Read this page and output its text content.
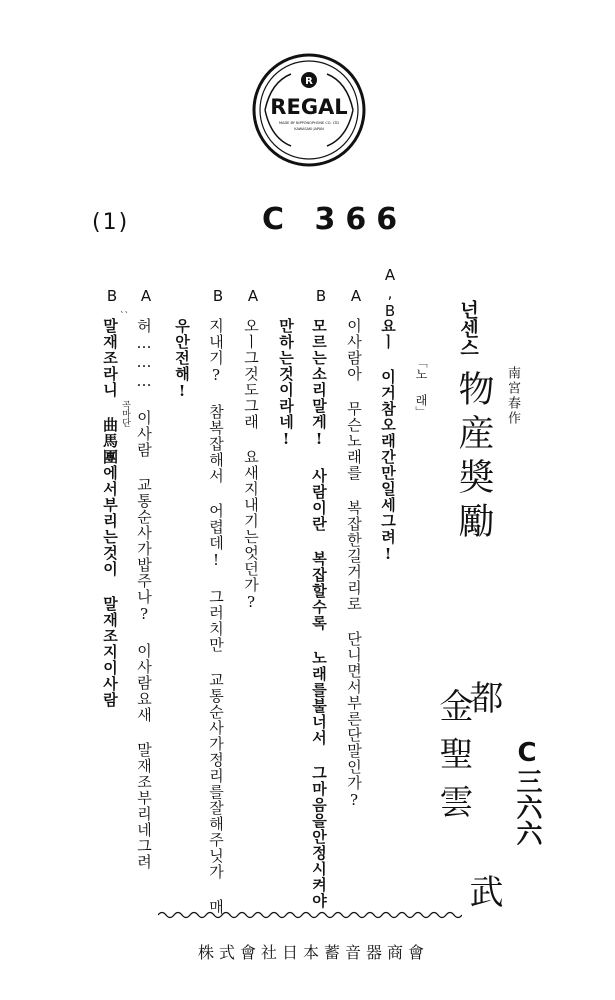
R
REGAL
MADE BY NIPPONOPHONE CO. LTD
KAWASAKI JAPAN
(1)	C 366
넌센스
物産奬勵 南宮春作
「노 래」
都 武
金聖雲 C三六六
A,B
요ㅣ 이거참오래간만일세그려!
A
이사람아 무슨노래를 복잡한길거리로 단니면서부른단말인가?
B
모르는소리말게! 사람이란 복잡할수록 노래를불너서 그마음을안정시켜야
만하는것이라네!
A
오ㅣ그것도그래 요새지내기는엇던가?
B
지내기? 참복잡해서 어렵데! 그러치만 교통순사가정리를잘해주닛가 매
우안전해!
A
허……… 이사람 교통순사가밥주나? 이사람요새 말재조부리네그려
B
말재조라니 曲馬團에서부리는것이 말재조지이사람 곡마단
ˋˋ
株式會社日本蓄音器商會
